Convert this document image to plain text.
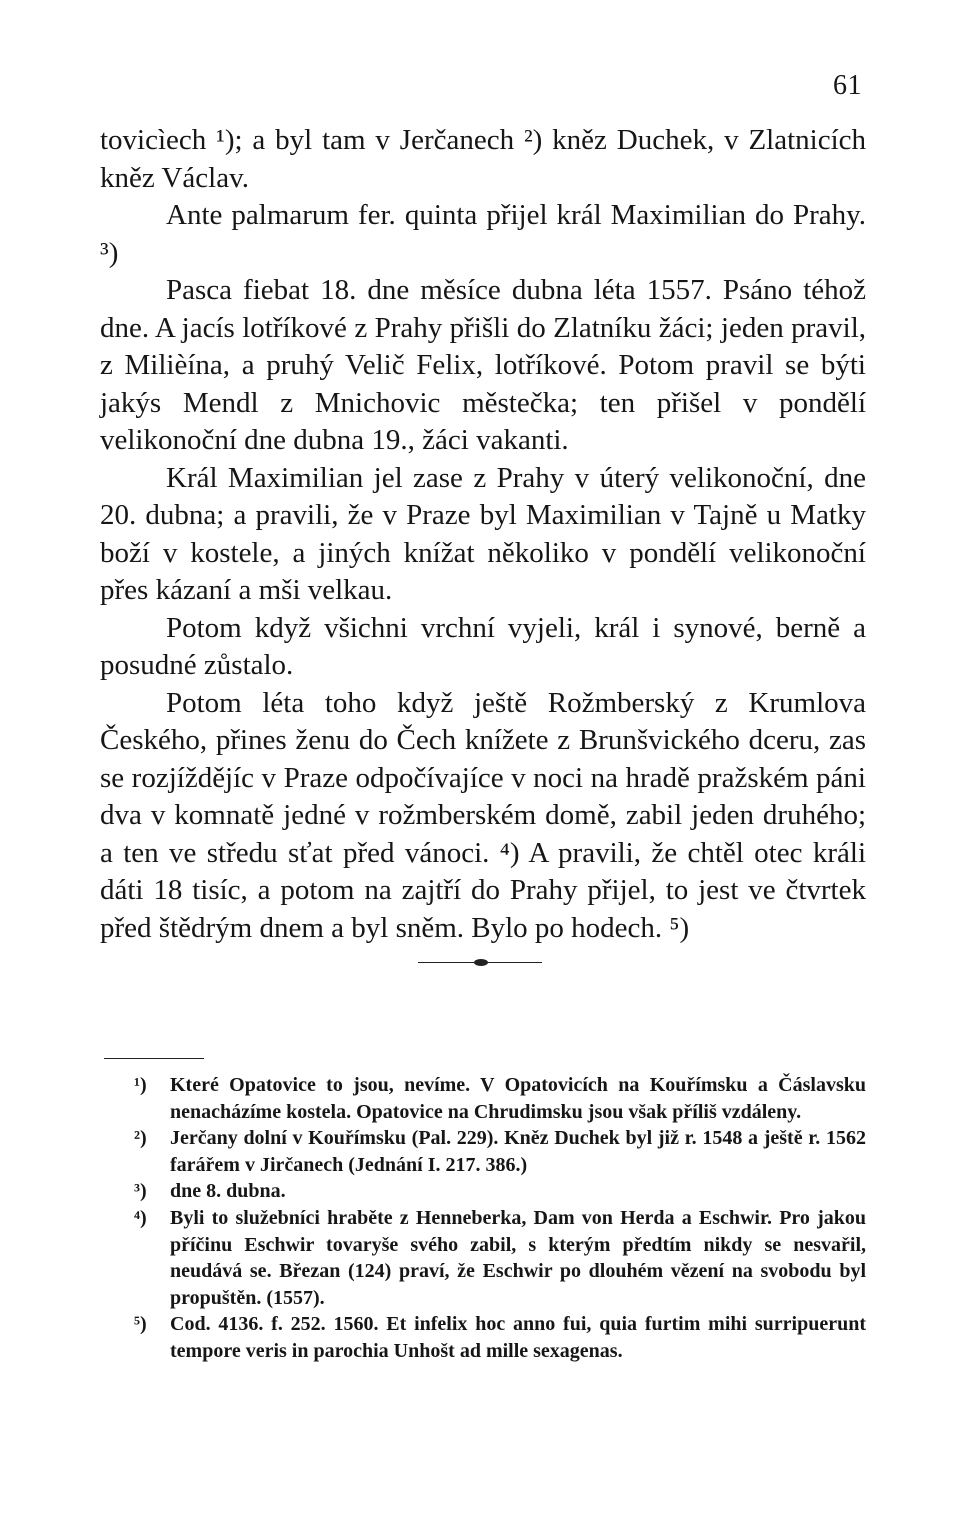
61

tovicìech ¹); a byl tam v Jerčanech ²) kněz Duchek, v Zlatnicích kněz Václav.

Ante palmarum fer. quinta přijel král Maximilian do Prahy. ³)

Pasca fiebat 18. dne měsíce dubna léta 1557. Psáno téhož dne. A jacís lotříkové z Prahy přišli do Zlatníku žáci; jeden pravil, z Milièína, a pruhý Velič Felix, lotříkové. Potom pravil se býti jakýs Mendl z Mnichovic městečka; ten přišel v pondělí velikonoční dne dubna 19., žáci vakanti.

Král Maximilian jel zase z Prahy v úterý velikonoční, dne 20. dubna; a pravili, že v Praze byl Maximilian v Tajně u Matky boží v kostele, a jiných knížat několiko v pondělí velikonoční přes kázaní a mši velkau.

Potom když všichni vrchní vyjeli, král i synové, berně a posudné zůstalo.

Potom léta toho když ještě Rožmberský z Krumlova Českého, přines ženu do Čech knížete z Brunšvického dceru, zas se rozjíždějíc v Praze odpočívajíce v noci na hradě pražském páni dva v komnatě jedné v rožmberském domě, zabil jeden druhého; a ten ve středu sťat před vánoci. ⁴) A pravili, že chtěl otec králi dáti 18 tisíc, a potom na zajtří do Prahy přijel, to jest ve čtvrtek před štědrým dnem a byl sněm. Bylo po hodech. ⁵)

¹) Které Opatovice to jsou, nevíme. V Opatovicích na Kouřímsku a Čáslavsku nenacházíme kostela. Opatovice na Chrudimsku jsou však příliš vzdáleny.
²) Jerčany dolní v Kouřímsku (Pal. 229). Kněz Duchek byl již r. 1548 a ještě r. 1562 farářem v Jirčanech (Jednání I. 217. 386.)
³) dne 8. dubna.
⁴) Byli to služebníci hraběte z Henneberka, Dam von Herda a Eschwir. Pro jakou příčinu Eschwir tovaryše svého zabil, s kterým předtím nikdy se nesvařil, neudává se. Březan (124) praví, že Eschwir po dlouhém vězení na svobodu byl propuštěn. (1557).
⁵) Cod. 4136. f. 252. 1560. Et infelix hoc anno fui, quia furtim mihi surripuerunt tempore veris in parochia Unhošt ad mille sexagenas.
